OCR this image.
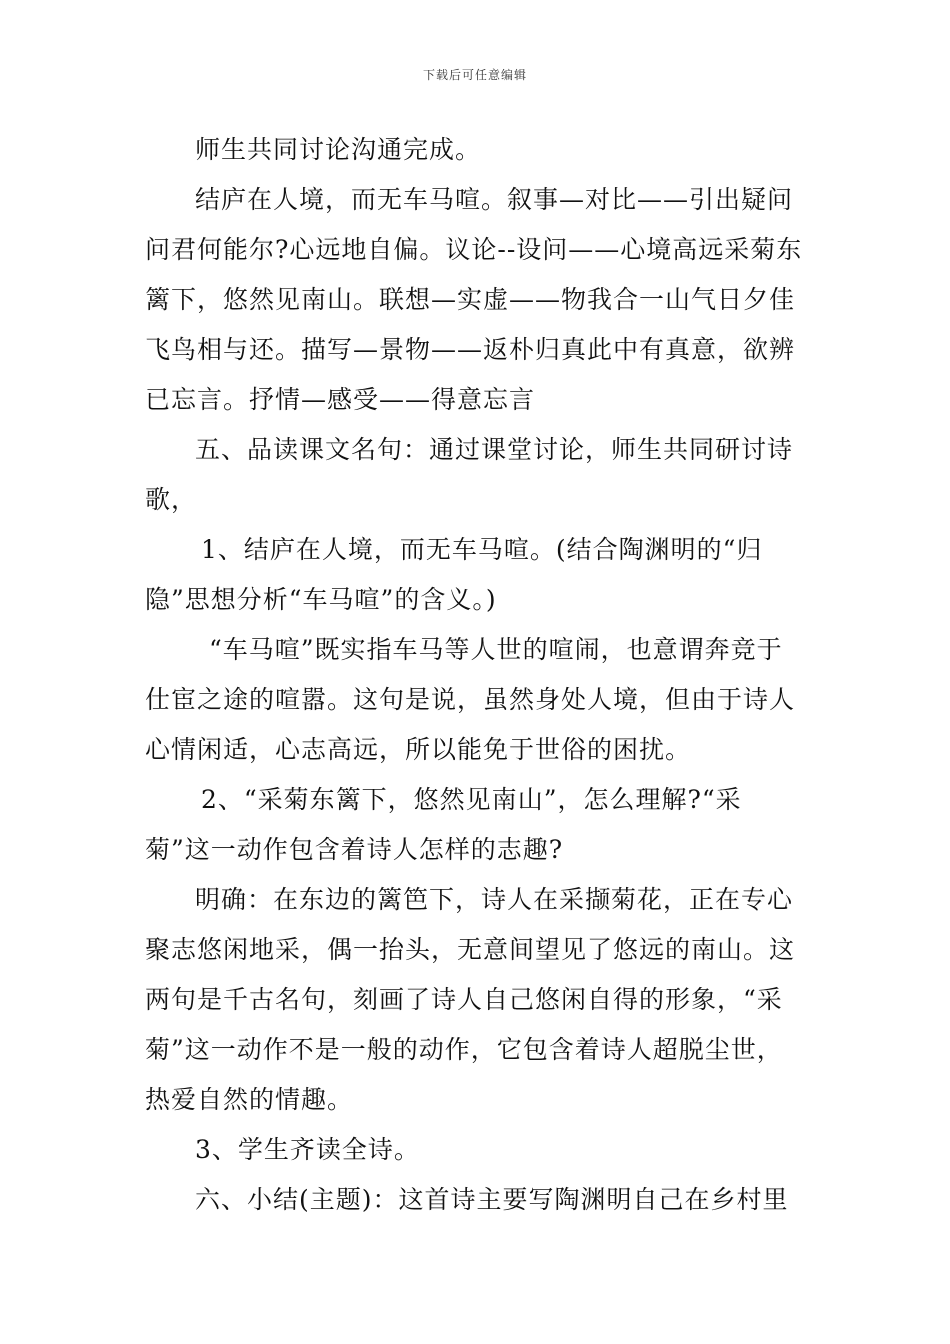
下载后可任意编辑
师生共同讨论沟通完成。
结庐在人境，而无车马喧。叙事—对比——引出疑问
问君何能尔?心远地自偏。议论--设问——心境高远采菊东
篱下，悠然见南山。联想—实虚——物我合一山气日夕佳
飞鸟相与还。描写—景物——返朴归真此中有真意，欲辨
已忘言。抒情—感受——得意忘言
五、品读课文名句：通过课堂讨论，师生共同研讨诗
歌，
1、结庐在人境，而无车马喧。(结合陶渊明的“归
隐”思想分析“车马喧”的含义。)
“车马喧”既实指车马等人世的喧闹，也意谓奔竞于
仕宦之途的喧嚣。这句是说，虽然身处人境，但由于诗人
心情闲适，心志高远，所以能免于世俗的困扰。
2、“采菊东篱下，悠然见南山”，怎么理解?“采
菊”这一动作包含着诗人怎样的志趣?
明确：在东边的篱笆下，诗人在采撷菊花，正在专心
聚志悠闲地采，偶一抬头，无意间望见了悠远的南山。这
两句是千古名句，刻画了诗人自己悠闲自得的形象，“采
菊”这一动作不是一般的动作，它包含着诗人超脱尘世，
热爱自然的情趣。
3、学生齐读全诗。
六、小结(主题)：这首诗主要写陶渊明自己在乡村里
